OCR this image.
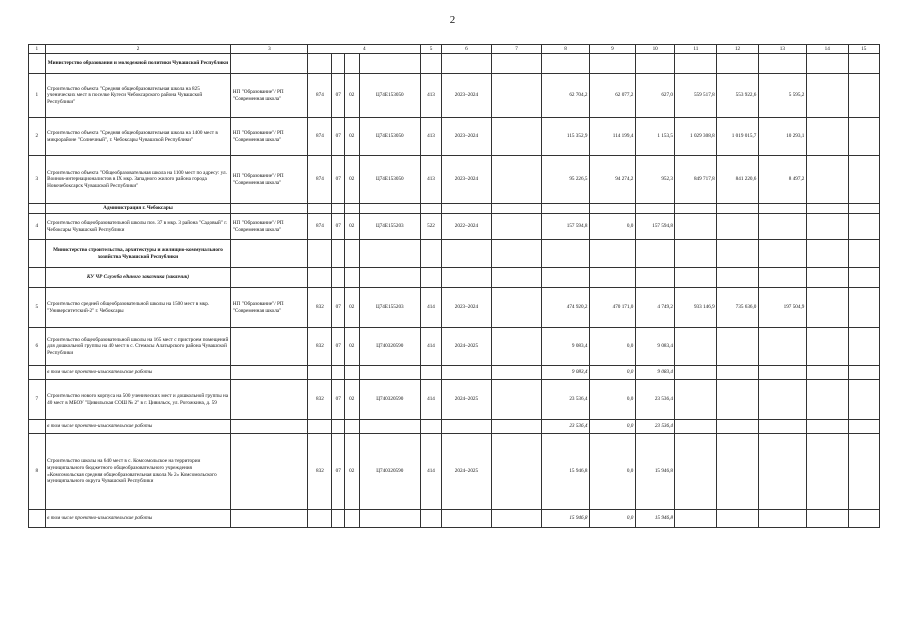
2
1	2	3	4				5	6	7	8	9	10	11	12	13	14	15
	Министерство образования и молодежной политики Чувашской Республики																
1	Строительство объекта "Средняя общеобразовательная школа на 825 ученических мест в поселке Кугеси Чебоксарского района Чувашской Республики"	НП "Образование"/ РП "Современная школа"	874	07	02	Ц74Е153050	413	2023–2024		62 704,2	62 077,2	627,0	559 517,8	553 922,6	5 595,2		
2	Строительство объекта "Средняя общеобразовательная школа на 1400 мест в микрорайоне "Солнечный", г. Чебоксары Чувашской Республики"	НП "Образование"/ РП "Современная школа"	874	07	02	Ц74Е153050	413	2023–2024		115 352,9	114 199,4	1 153,5	1 029 308,8	1 019 015,7	10 293,1		
3	Строительство объекта "Общеобразовательная школа на 1100 мест по адресу: ул. Воинов-интернационалистов в IX мкр. Западного жилого района города Новочебоксарск Чувашской Республики"	НП "Образование"/ РП "Современная школа"	874	07	02	Ц74Е153050	413	2023–2024		95 226,5	94 274,2	952,3	849 717,8	841 220,6	8 497,2		
	Администрация г. Чебоксары																
4	Строительство общеобразовательной школы поз. 37 в мкр. 3 района "Садовый" г. Чебоксары Чувашской Республики	НП "Образование"/ РП "Современная школа"	874	07	02	Ц74Е155203	522	2022–2024		157 594,8	0,0	157 594,8					
	Министерство строительства, архитектуры и жилищно-коммунального хозяйства Чувашской Республики																
	КУ ЧР Служба единого заказчика (заказчик)																
5	Строительство средней общеобразовательной школы на 1500 мест в мкр. "Университетский-2" г. Чебоксары	НП "Образование"/ РП "Современная школа"	832	07	02	Ц74Е155203	414	2023–2024		474 920,2	470 171,0	4 749,2	933 146,9	735 636,0	197 504,9		
6	Строительство общеобразовательной школы на 165 мест с пристроем помещений для дошкольной группы на 40 мест в с. Стемасы Алатырского района Чувашской Республики		832	07	02	Ц740320590	414	2024–2025		9 083,4	0,0	9 083,4					
	в том числе проектно-изыскательские работы									9 083,4	0,0	9 083,4					
7	Строительство нового корпуса на 500 ученических мест и дошкольной группы на 40 мест в МБОУ "Цивильская СОШ № 2" в г. Цивильск, ул. Рогожкина, д. 59		832	07	02	Ц740320590	414	2024–2025		23 536,4	0,0	23 536,4					
	в том числе проектно-изыскательские работы									23 536,4	0,0	23 536,4					
8	Строительство школы на 640 мест в с. Комсомольское на территории муниципального бюджетного общеобразовательного учреждения «Комсомольская средняя общеобразовательная школа № 2» Комсомольского муниципального округа Чувашской Республики		832	07	02	Ц740320590	414	2024–2025		15 946,8	0,0	15 946,8					
	в том числе проектно-изыскательские работы									15 946,8	0,0	15 946,8					
